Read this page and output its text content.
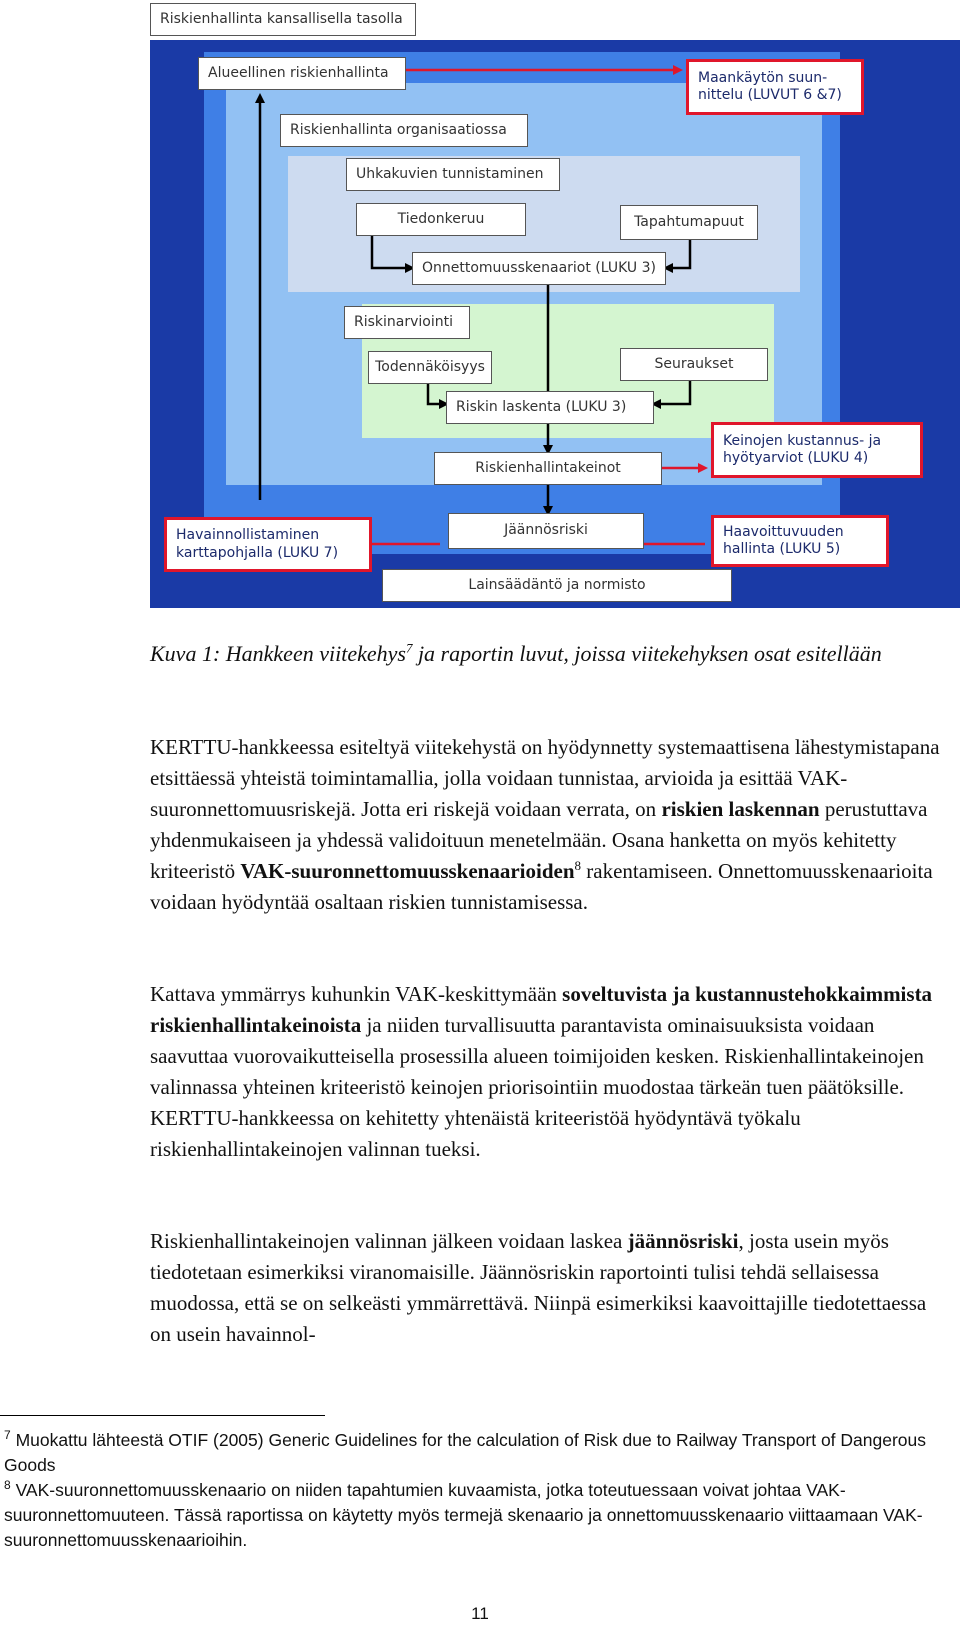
Riskienhallinta kansallisella tasolla
Alueellinen riskienhallinta	Maankäytön suun-
nittelu (LUVUT 6 &7)
Riskienhallinta organisaatiossa
Uhkakuvien tunnistaminen
Tiedonkeruu	Tapahtumapuut
Onnettomuusskenaariot (LUKU 3)
Riskinarviointi
Todennäköisyys	Seuraukset
Riskin laskenta (LUKU 3)
Riskienhallintakeinot
Keinojen kustannus- ja
hyötyarviot (LUKU 4)
Havainnollistaminen
karttapohjalla (LUKU 7)
Jäännösriski	Haavoittuvuuden
hallinta (LUKU 5)
Lainsäädäntö ja normisto
Kuva 1: Hankkeen viitekehys$^7$ ja raportin luvut, joissa viitekehyksen osat esitellään
KERTTU-hankkeessa esiteltyä viitekehystä on hyödynnetty systemaattisena lähestymistapana etsittäessä yhteistä toimintamallia, jolla voidaan tunnistaa, arvioida ja esittää VAK-suuronnettomuusriskejä. Jotta eri riskejä voidaan verrata, on riskien laskennan perustuttava yhdenmukaiseen ja yhdessä validoituun menetelmään. Osana hanketta on myös kehitetty kriteeristö VAK-suuronnettomuusskenaarioiden$^8$ rakentamiseen. Onnettomuusskenaarioita voidaan hyödyntää osaltaan riskien tunnistamisessa.
Kattava ymmärrys kuhunkin VAK-keskittymään soveltuvista ja kustannustehokkaimmista riskienhallintakeinoista ja niiden turvallisuutta parantavista ominaisuuksista voidaan saavuttaa vuorovaikutteisella prosessilla alueen toimijoiden kesken. Riskienhallintakeinojen valinnassa yhteinen kriteeristö keinojen priorisointiin muodostaa tärkeän tuen päätöksille. KERTTU-hankkeessa on kehitetty yhtenäistä kriteeristöä hyödyntävä työkalu riskienhallintakeinojen valinnan tueksi.
Riskienhallintakeinojen valinnan jälkeen voidaan laskea jäännösriski, josta usein myös tiedotetaan esimerkiksi viranomaisille. Jäännösriskin raportointi tulisi tehdä sellaisessa muodossa, että se on selkeästi ymmärrettävä. Niinpä esimerkiksi kaavoittajille tiedotettaessa on usein havainnol-
$^7$ Muokattu lähteestä OTIF (2005) Generic Guidelines for the calculation of Risk due to Railway Transport of Dangerous Goods
$^8$ VAK-suuronnettomuusskenaario on niiden tapahtumien kuvaamista, jotka toteutuessaan voivat johtaa VAK-suuronnettomuuteen. Tässä raportissa on käytetty myös termejä skenaario ja onnettomuusskenaario viittaamaan VAK-suuronnettomuusskenaarioihin.
11
